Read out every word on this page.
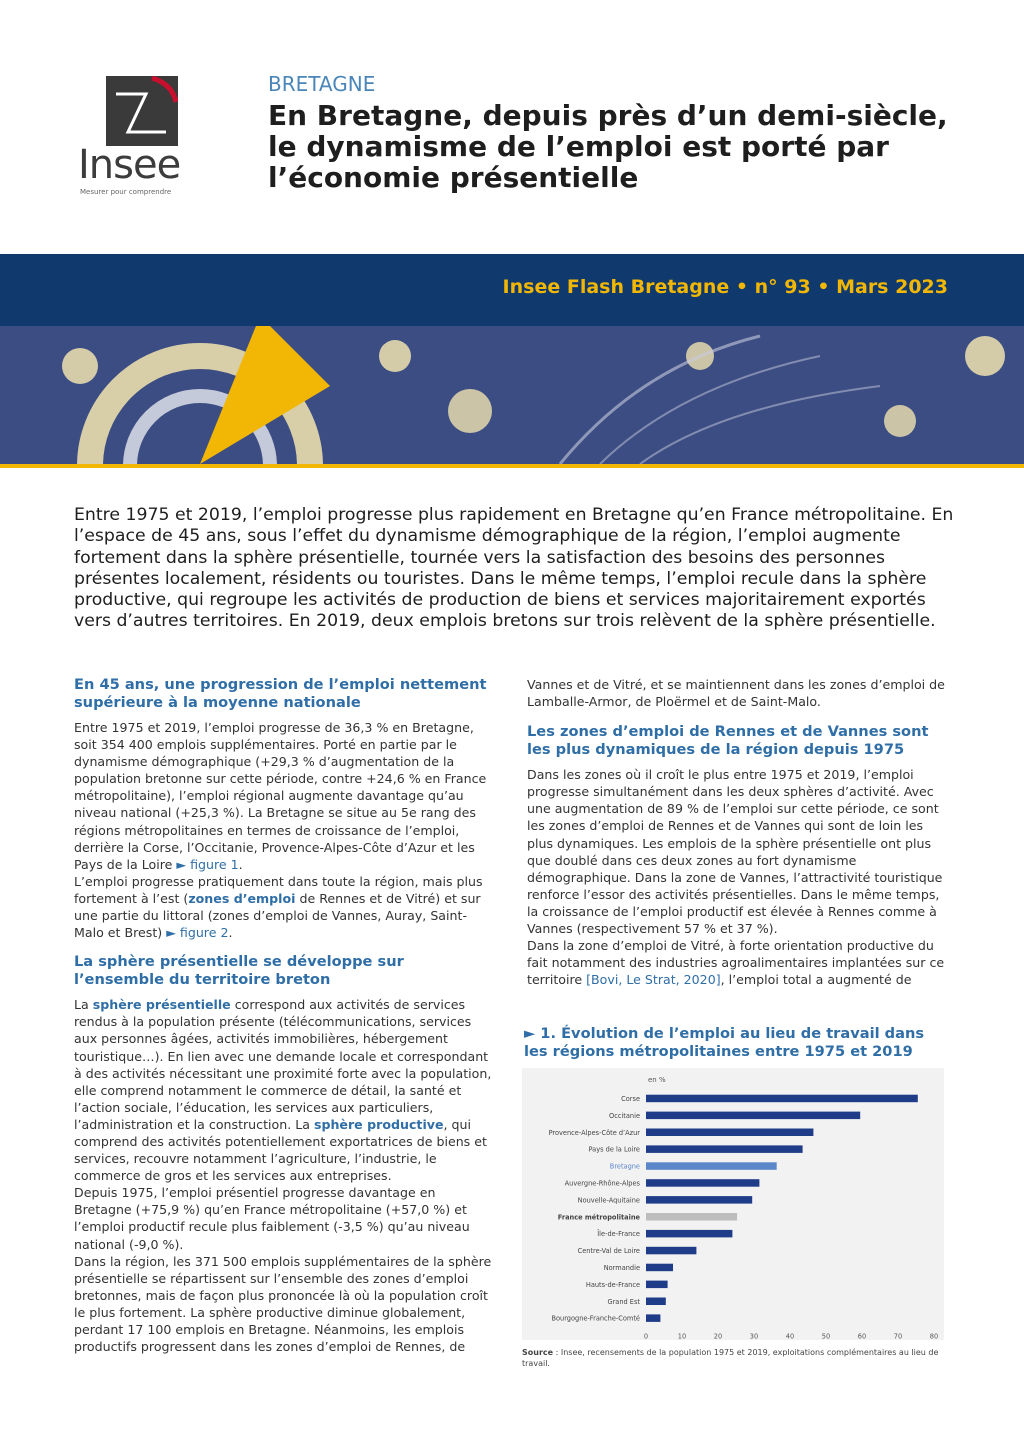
Insee
Mesurer pour comprendre
BRETAGNE
En Bretagne, depuis près d’un demi-siècle, le dynamisme de l’emploi est porté par l’économie présentielle
Insee Flash Bretagne • n° 93 • Mars 2023

Entre 1975 et 2019, l’emploi progresse plus rapidement en Bretagne qu’en France métropolitaine. En l’espace de 45 ans, sous l’effet du dynamisme démographique de la région, l’emploi augmente fortement dans la sphère présentielle, tournée vers la satisfaction des besoins des personnes présentes localement, résidents ou touristes. Dans le même temps, l’emploi recule dans la sphère productive, qui regroupe les activités de production de biens et services majoritairement exportés vers d’autres territoires. En 2019, deux emplois bretons sur trois relèvent de la sphère présentielle.

En 45 ans, une progression de l’emploi nettement supérieure à la moyenne nationale

Entre 1975 et 2019, l’emploi progresse de 36,3 % en Bretagne, soit 354 400 emplois supplémentaires. Porté en partie par le dynamisme démographique (+29,3 % d’augmentation de la population bretonne sur cette période, contre +24,6 % en France métropolitaine), l’emploi régional augmente davantage qu’au niveau national (+25,3 %). La Bretagne se situe au 5e rang des régions métropolitaines en termes de croissance de l’emploi, derrière la Corse, l’Occitanie, Provence-Alpes-Côte d’Azur et les Pays de la Loire ► figure 1.

L’emploi progresse pratiquement dans toute la région, mais plus fortement à l’est (zones d’emploi de Rennes et de Vitré) et sur une partie du littoral (zones d’emploi de Vannes, Auray, Saint-Malo et Brest) ► figure 2.

La sphère présentielle se développe sur l’ensemble du territoire breton

La sphère présentielle correspond aux activités de services rendus à la population présente (télécommunications, services aux personnes âgées, activités immobilières, hébergement touristique…). En lien avec une demande locale et correspondant à des activités nécessitant une proximité forte avec la population, elle comprend notamment le commerce de détail, la santé et l’action sociale, l’éducation, les services aux particuliers, l’administration et la construction. La sphère productive, qui comprend des activités potentiellement exportatrices de biens et services, recouvre notamment l’agriculture, l’industrie, le commerce de gros et les services aux entreprises.

Depuis 1975, l’emploi présentiel progresse davantage en Bretagne (+75,9 %) qu’en France métropolitaine (+57,0 %) et l’emploi productif recule plus faiblement (-3,5 %) qu’au niveau national (-9,0 %).

Dans la région, les 371 500 emplois supplémentaires de la sphère présentielle se répartissent sur l’ensemble des zones d’emploi bretonnes, mais de façon plus prononcée là où la population croît le plus fortement. La sphère productive diminue globalement, perdant 17 100 emplois en Bretagne. Néanmoins, les emplois productifs progressent dans les zones d’emploi de Rennes, de

Vannes et de Vitré, et se maintiennent dans les zones d’emploi de Lamballe-Armor, de Ploërmel et de Saint-Malo.

Les zones d’emploi de Rennes et de Vannes sont les plus dynamiques de la région depuis 1975

Dans les zones où il croît le plus entre 1975 et 2019, l’emploi progresse simultanément dans les deux sphères d’activité. Avec une augmentation de 89 % de l’emploi sur cette période, ce sont les zones d’emploi de Rennes et de Vannes qui sont de loin les plus dynamiques. Les emplois de la sphère présentielle ont plus que doublé dans ces deux zones au fort dynamisme démographique. Dans la zone de Vannes, l’attractivité touristique renforce l’essor des activités présentielles. Dans le même temps, la croissance de l’emploi productif est élevée à Rennes comme à Vannes (respectivement 57 % et 37 %).

Dans la zone d’emploi de Vitré, à forte orientation productive du fait notamment des industries agroalimentaires implantées sur ce territoire [Bovi, Le Strat, 2020], l’emploi total a augmenté de

► 1. Évolution de l’emploi au lieu de travail dans les régions métropolitaines entre 1975 et 2019
en %
Corse
Occitanie
Provence-Alpes-Côte d’Azur
Pays de la Loire
Bretagne
Auvergne-Rhône-Alpes
Nouvelle-Aquitaine
France métropolitaine
Île-de-France
Centre-Val de Loire
Normandie
Hauts-de-France
Grand Est
Bourgogne-Franche-Comté
0	10	20	30	40	50	60	70	80
Source : Insee, recensements de la population 1975 et 2019, exploitations complémentaires au lieu de travail.
